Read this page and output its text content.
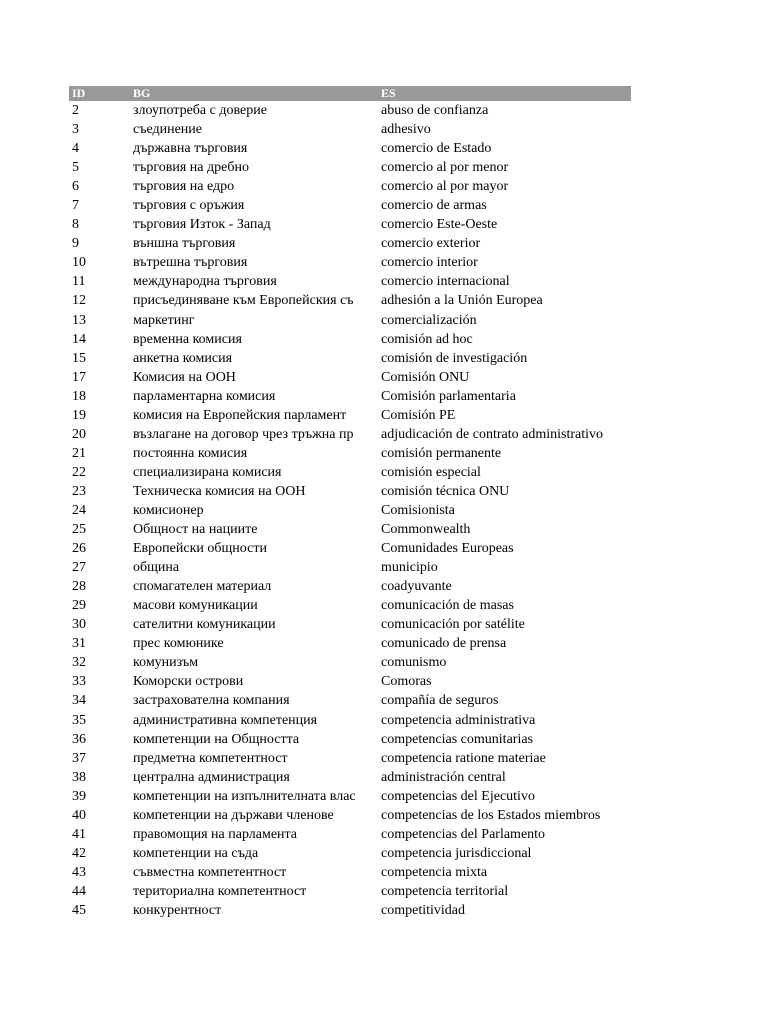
ID	BG	ES
2	злоупотреба с доверие	abuso de confianza
3	съединение	adhesivo
4	държавна търговия	comercio de Estado
5	търговия на дребно	comercio al por menor
6	търговия на едро	comercio al por mayor
7	търговия с оръжия	comercio de armas
8	търговия Изток - Запад	comercio Este-Oeste
9	външна търговия	comercio exterior
10	вътрешна търговия	comercio interior
11	международна търговия	comercio internacional
12	присъединяване към Европейския съ	adhesión a la Unión Europea
13	маркетинг	comercialización
14	временна комисия	comisión ad hoc
15	анкетна комисия	comisión de investigación
17	Комисия на ООН	Comisión ONU
18	парламентарна комисия	Comisión parlamentaria
19	комисия на Европейския парламент	Comisión PE
20	възлагане на договор чрез тръжна пр	adjudicación de contrato administrativo
21	постоянна комисия	comisión permanente
22	специализирана комисия	comisión especial
23	Техническа комисия на ООН	comisión técnica ONU
24	комисионер	Comisionista
25	Общност на нациите	Commonwealth
26	Европейски общности	Comunidades Europeas
27	община	municipio
28	спомагателен материал	coadyuvante
29	масови комуникации	comunicación de masas
30	сателитни комуникации	comunicación por satélite
31	прес комюнике	comunicado de prensa
32	комунизъм	comunismo
33	Коморски острови	Comoras
34	застрахователна компания	compañía de seguros
35	административна компетенция	competencia administrativa
36	компетенции на Общността	competencias comunitarias
37	предметна компетентност	competencia ratione materiae
38	централна администрация	administración central
39	компетенции на изпълнителната влас	competencias del Ejecutivo
40	компетенции на държави членове	competencias de los Estados miembros
41	правомощия на парламента	competencias del Parlamento
42	компетенции на съда	competencia jurisdiccional
43	съвместна компетентност	competencia mixta
44	териториална компетентност	competencia territorial
45	конкурентност	competitividad
